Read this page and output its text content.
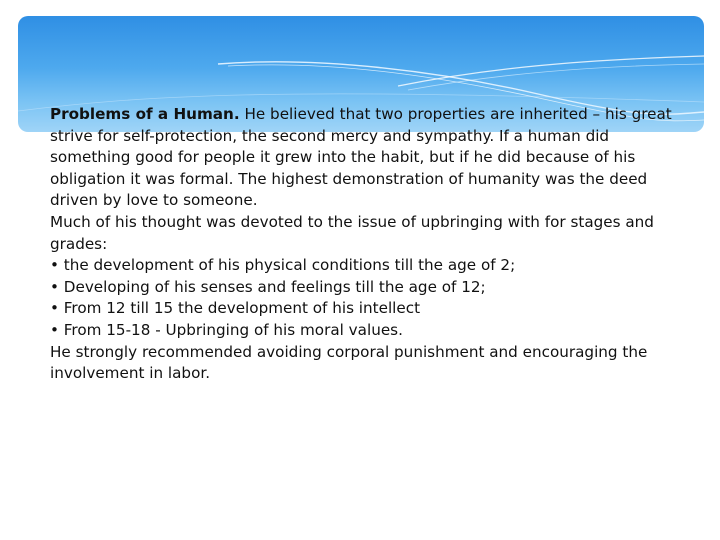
Problems of a Human. He believed that two properties are inherited – his great strive for self-protection, the second mercy and sympathy. If a human did something good for people it grew into the habit, but if he did because of his obligation it was formal. The highest demonstration of humanity was the deed driven by love to someone.

Much of his thought was devoted to the issue of upbringing with for stages and grades:

• the development of his physical conditions till the age of 2;
• Developing of his senses and feelings till the age of 12;
• From 12 till 15 the development of his intellect
• From 15-18 - Upbringing of his moral values.

He strongly recommended avoiding corporal punishment and encouraging the involvement in labor.
